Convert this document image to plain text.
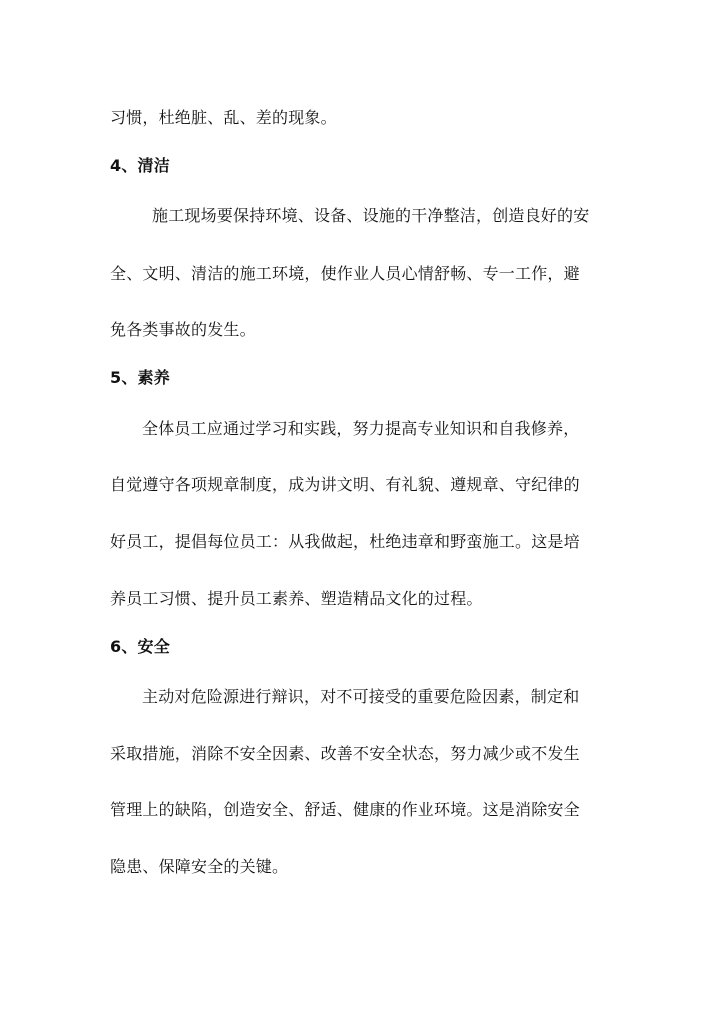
习惯，杜绝脏、乱、差的现象。
4、清洁
施工现场要保持环境、设备、设施的干净整洁，创造良好的安
全、文明、清洁的施工环境，使作业人员心情舒畅、专一工作，避
免各类事故的发生。
5、素养
全体员工应通过学习和实践，努力提高专业知识和自我修养，
自觉遵守各项规章制度，成为讲文明、有礼貌、遵规章、守纪律的
好员工，提倡每位员工：从我做起，杜绝违章和野蛮施工。这是培
养员工习惯、提升员工素养、塑造精品文化的过程。
6、安全
主动对危险源进行辩识，对不可接受的重要危险因素，制定和
采取措施，消除不安全因素、改善不安全状态，努力减少或不发生
管理上的缺陷，创造安全、舒适、健康的作业环境。这是消除安全
隐患、保障安全的关键。
